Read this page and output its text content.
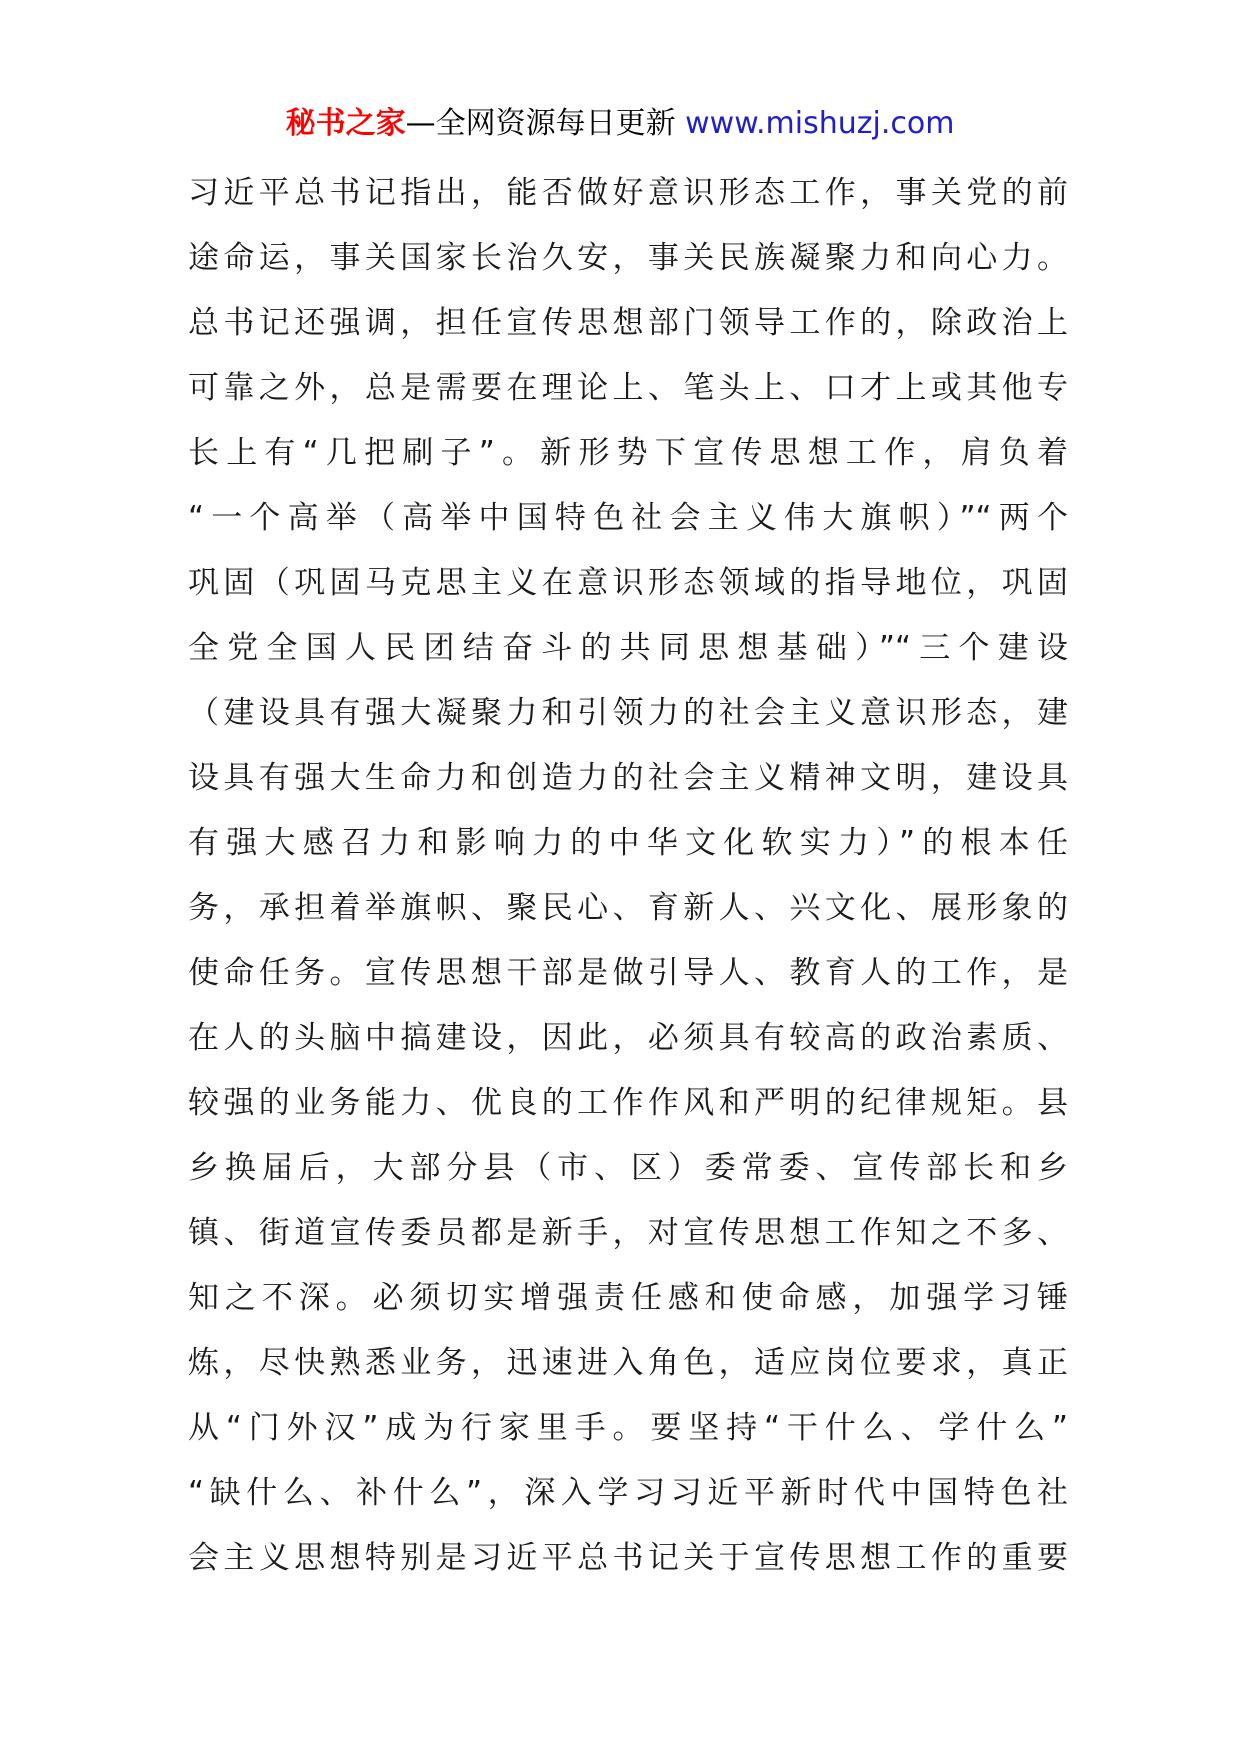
秘书之家—全网资源每日更新 www.mishuzj.com
习近平总书记指出，能否做好意识形态工作，事关党的前
途命运，事关国家长治久安，事关民族凝聚力和向心力。
总书记还强调，担任宣传思想部门领导工作的，除政治上
可靠之外，总是需要在理论上、笔头上、口才上或其他专
长上有“几把刷子”。新形势下宣传思想工作，肩负着
“一个高举（高举中国特色社会主义伟大旗帜）”“两个
巩固（巩固马克思主义在意识形态领域的指导地位，巩固
全党全国人民团结奋斗的共同思想基础）”“三个建设
（建设具有强大凝聚力和引领力的社会主义意识形态，建
设具有强大生命力和创造力的社会主义精神文明，建设具
有强大感召力和影响力的中华文化软实力）”的根本任
务，承担着举旗帜、聚民心、育新人、兴文化、展形象的
使命任务。宣传思想干部是做引导人、教育人的工作，是
在人的头脑中搞建设，因此，必须具有较高的政治素质、
较强的业务能力、优良的工作作风和严明的纪律规矩。县
乡换届后，大部分县（市、区）委常委、宣传部长和乡
镇、街道宣传委员都是新手，对宣传思想工作知之不多、
知之不深。必须切实增强责任感和使命感，加强学习锤
炼，尽快熟悉业务，迅速进入角色，适应岗位要求，真正
从“门外汉”成为行家里手。要坚持“干什么、学什么”
“缺什么、补什么”，深入学习习近平新时代中国特色社
会主义思想特别是习近平总书记关于宣传思想工作的重要
